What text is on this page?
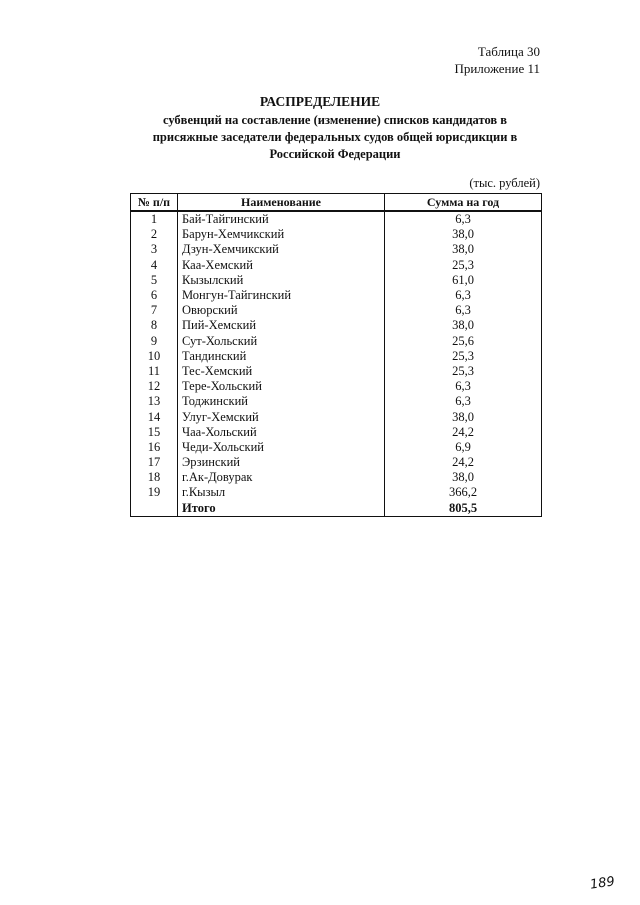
Таблица 30
Приложение 11
РАСПРЕДЕЛЕНИЕ
субвенций на составление (изменение) списков кандидатов в
присяжные заседатели федеральных судов общей юрисдикции в
Российской Федерации
(тыс. рублей)
№ п/п	Наименование	Сумма на год
1	Бай-Тайгинский	6,3
2	Барун-Хемчикский	38,0
3	Дзун-Хемчикский	38,0
4	Каа-Хемский	25,3
5	Кызылский	61,0
6	Монгун-Тайгинский	6,3
7	Овюрский	6,3
8	Пий-Хемский	38,0
9	Сут-Хольский	25,6
10	Тандинский	25,3
11	Тес-Хемский	25,3
12	Тере-Хольский	6,3
13	Тоджинский	6,3
14	Улуг-Хемский	38,0
15	Чаа-Хольский	24,2
16	Чеди-Хольский	6,9
17	Эрзинский	24,2
18	г.Ак-Довурак	38,0
19	г.Кызыл	366,2
	Итого	805,5
189
